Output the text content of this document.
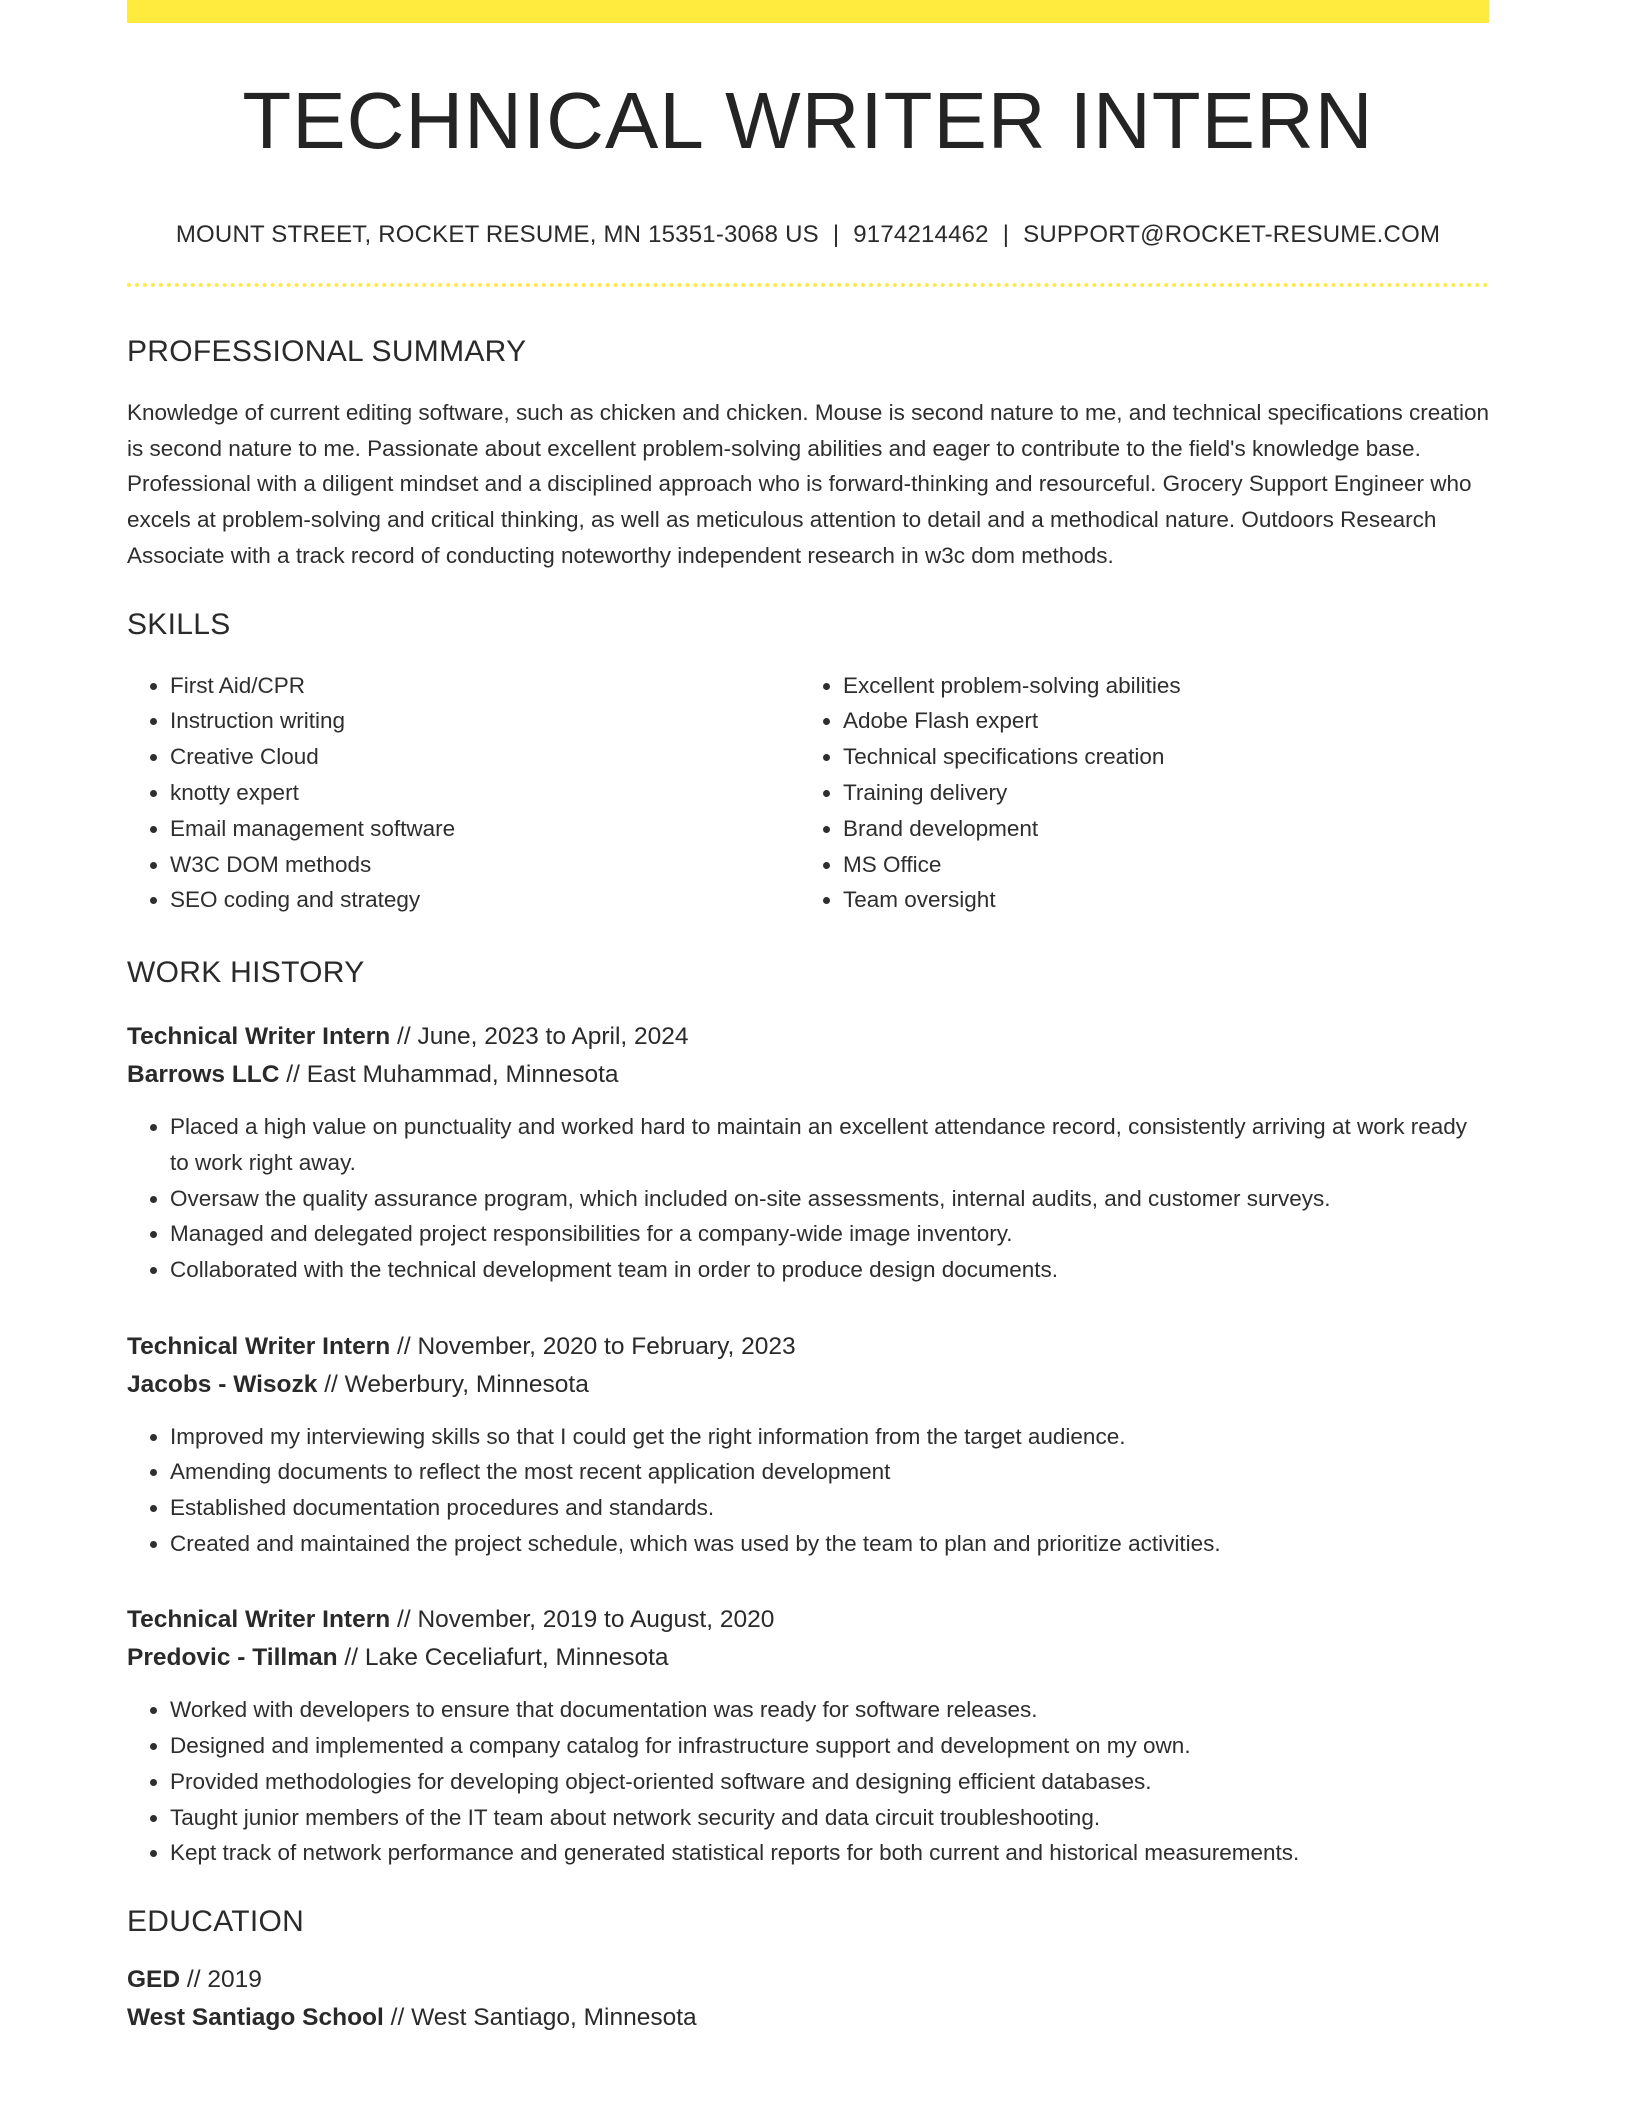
TECHNICAL WRITER INTERN
MOUNT STREET, ROCKET RESUME, MN 15351-3068 US | 9174214462 | SUPPORT@ROCKET-RESUME.COM
PROFESSIONAL SUMMARY
Knowledge of current editing software, such as chicken and chicken. Mouse is second nature to me, and technical specifications creation is second nature to me. Passionate about excellent problem-solving abilities and eager to contribute to the field's knowledge base. Professional with a diligent mindset and a disciplined approach who is forward-thinking and resourceful. Grocery Support Engineer who excels at problem-solving and critical thinking, as well as meticulous attention to detail and a methodical nature. Outdoors Research Associate with a track record of conducting noteworthy independent research in w3c dom methods.
SKILLS
• First Aid/CPR
• Instruction writing
• Creative Cloud
• knotty expert
• Email management software
• W3C DOM methods
• SEO coding and strategy
• Excellent problem-solving abilities
• Adobe Flash expert
• Technical specifications creation
• Training delivery
• Brand development
• MS Office
• Team oversight
WORK HISTORY
Technical Writer Intern // June, 2023 to April, 2024
Barrows LLC // East Muhammad, Minnesota
• Placed a high value on punctuality and worked hard to maintain an excellent attendance record, consistently arriving at work ready to work right away.
• Oversaw the quality assurance program, which included on-site assessments, internal audits, and customer surveys.
• Managed and delegated project responsibilities for a company-wide image inventory.
• Collaborated with the technical development team in order to produce design documents.
Technical Writer Intern // November, 2020 to February, 2023
Jacobs - Wisozk // Weberbury, Minnesota
• Improved my interviewing skills so that I could get the right information from the target audience.
• Amending documents to reflect the most recent application development
• Established documentation procedures and standards.
• Created and maintained the project schedule, which was used by the team to plan and prioritize activities.
Technical Writer Intern // November, 2019 to August, 2020
Predovic - Tillman // Lake Ceceliafurt, Minnesota
• Worked with developers to ensure that documentation was ready for software releases.
• Designed and implemented a company catalog for infrastructure support and development on my own.
• Provided methodologies for developing object-oriented software and designing efficient databases.
• Taught junior members of the IT team about network security and data circuit troubleshooting.
• Kept track of network performance and generated statistical reports for both current and historical measurements.
EDUCATION
GED // 2019
West Santiago School // West Santiago, Minnesota
